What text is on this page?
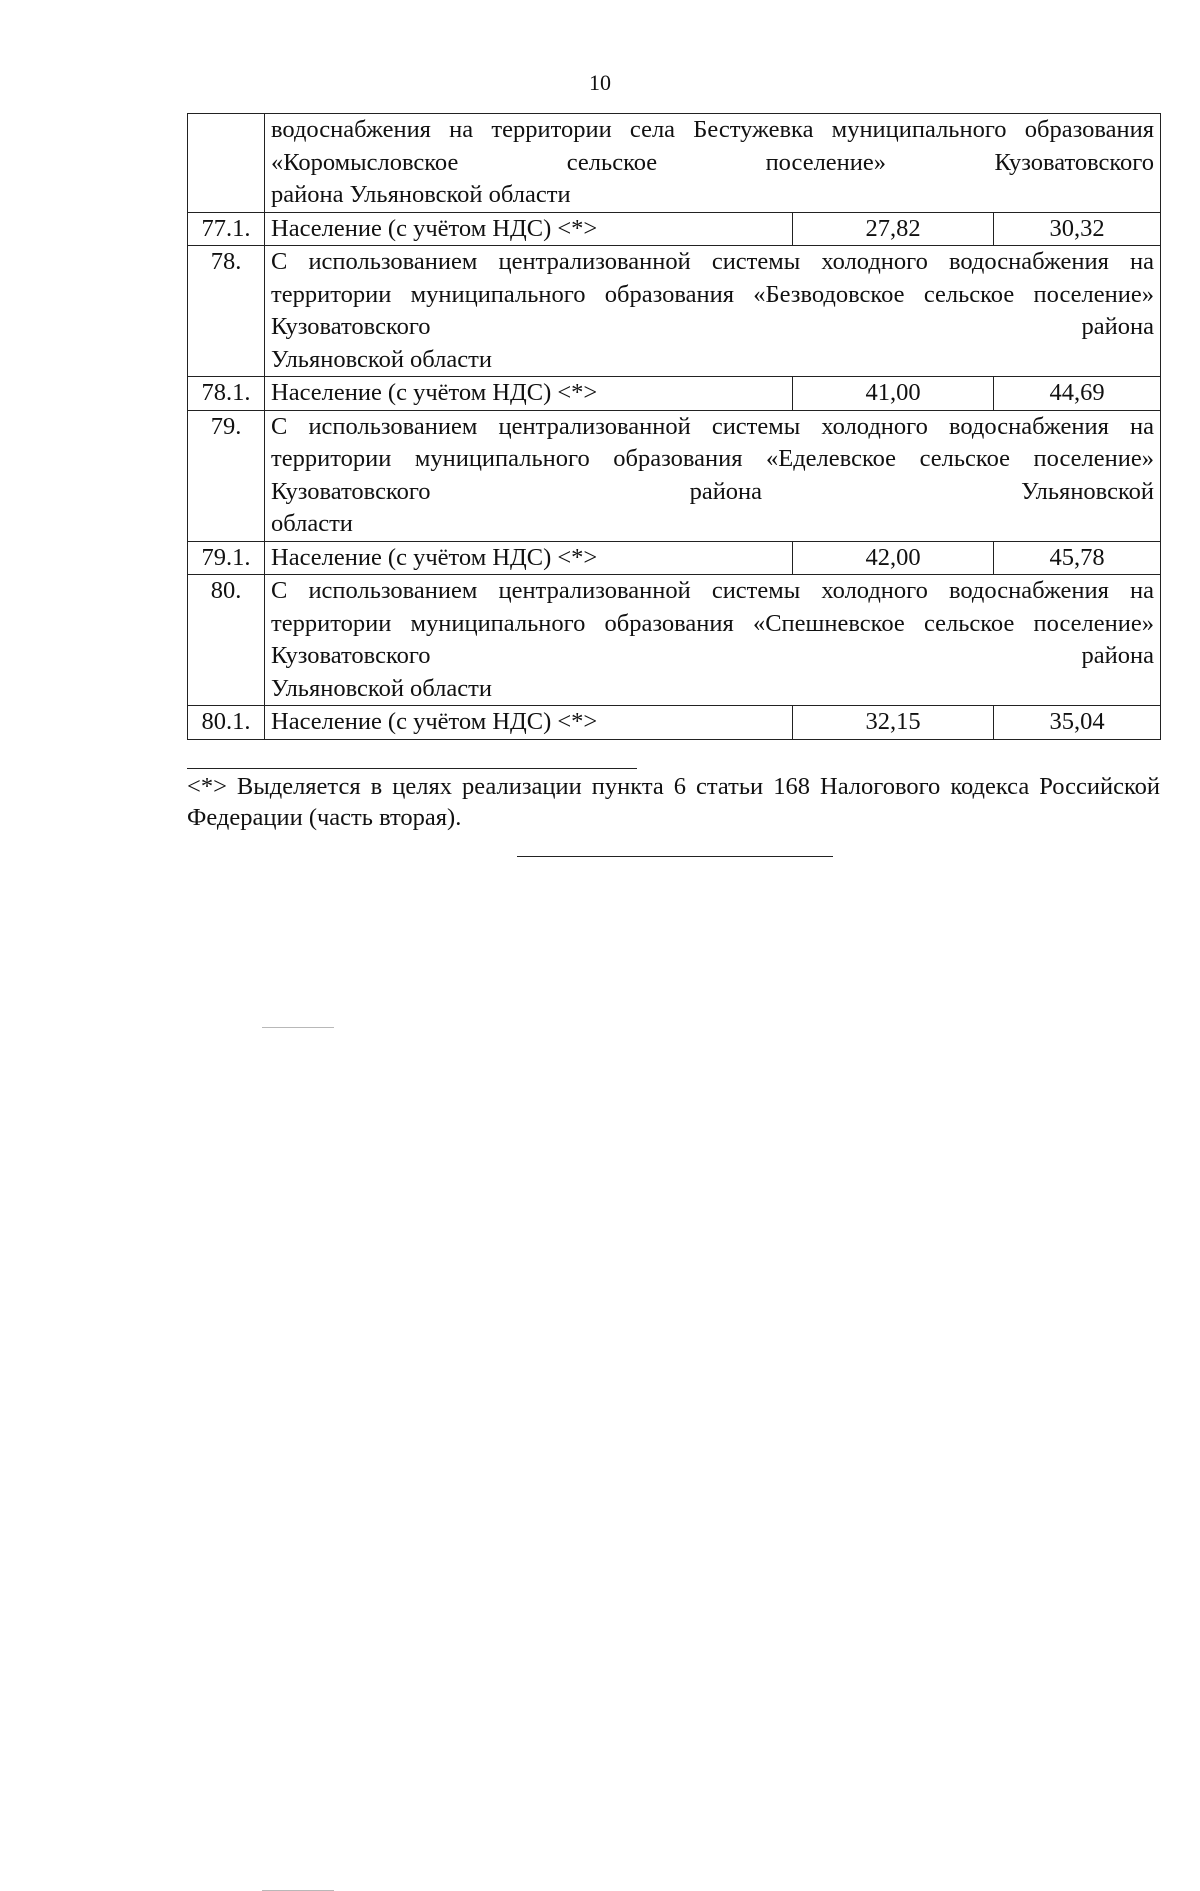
10
	водоснабжения на территории села Бестужевка муниципального образования «Коромысловское сельское поселение» Кузоватовского
района Ульяновской области		

77.1.	Население (с учётом НДС) <*>	27,82	30,32
78.	С использованием централизованной системы холодного водоснабжения на территории муниципального образования «Безводовское сельское поселение» Кузоватовского района
Ульяновской области		

78.1.	Население (с учётом НДС) <*>	41,00	44,69
79.	С использованием централизованной системы холодного водоснабжения на территории муниципального образования «Еделевское сельское поселение» Кузоватовского района Ульяновской
области		

79.1.	Население (с учётом НДС) <*>	42,00	45,78
80.	С использованием централизованной системы холодного водоснабжения на территории муниципального образования «Спешневское сельское поселение» Кузоватовского района
Ульяновской области		

80.1.	Население (с учётом НДС) <*>	32,15	35,04
<*> Выделяется в целях реализации пункта 6 статьи 168 Налогового кодекса Российской Федерации (часть вторая).
